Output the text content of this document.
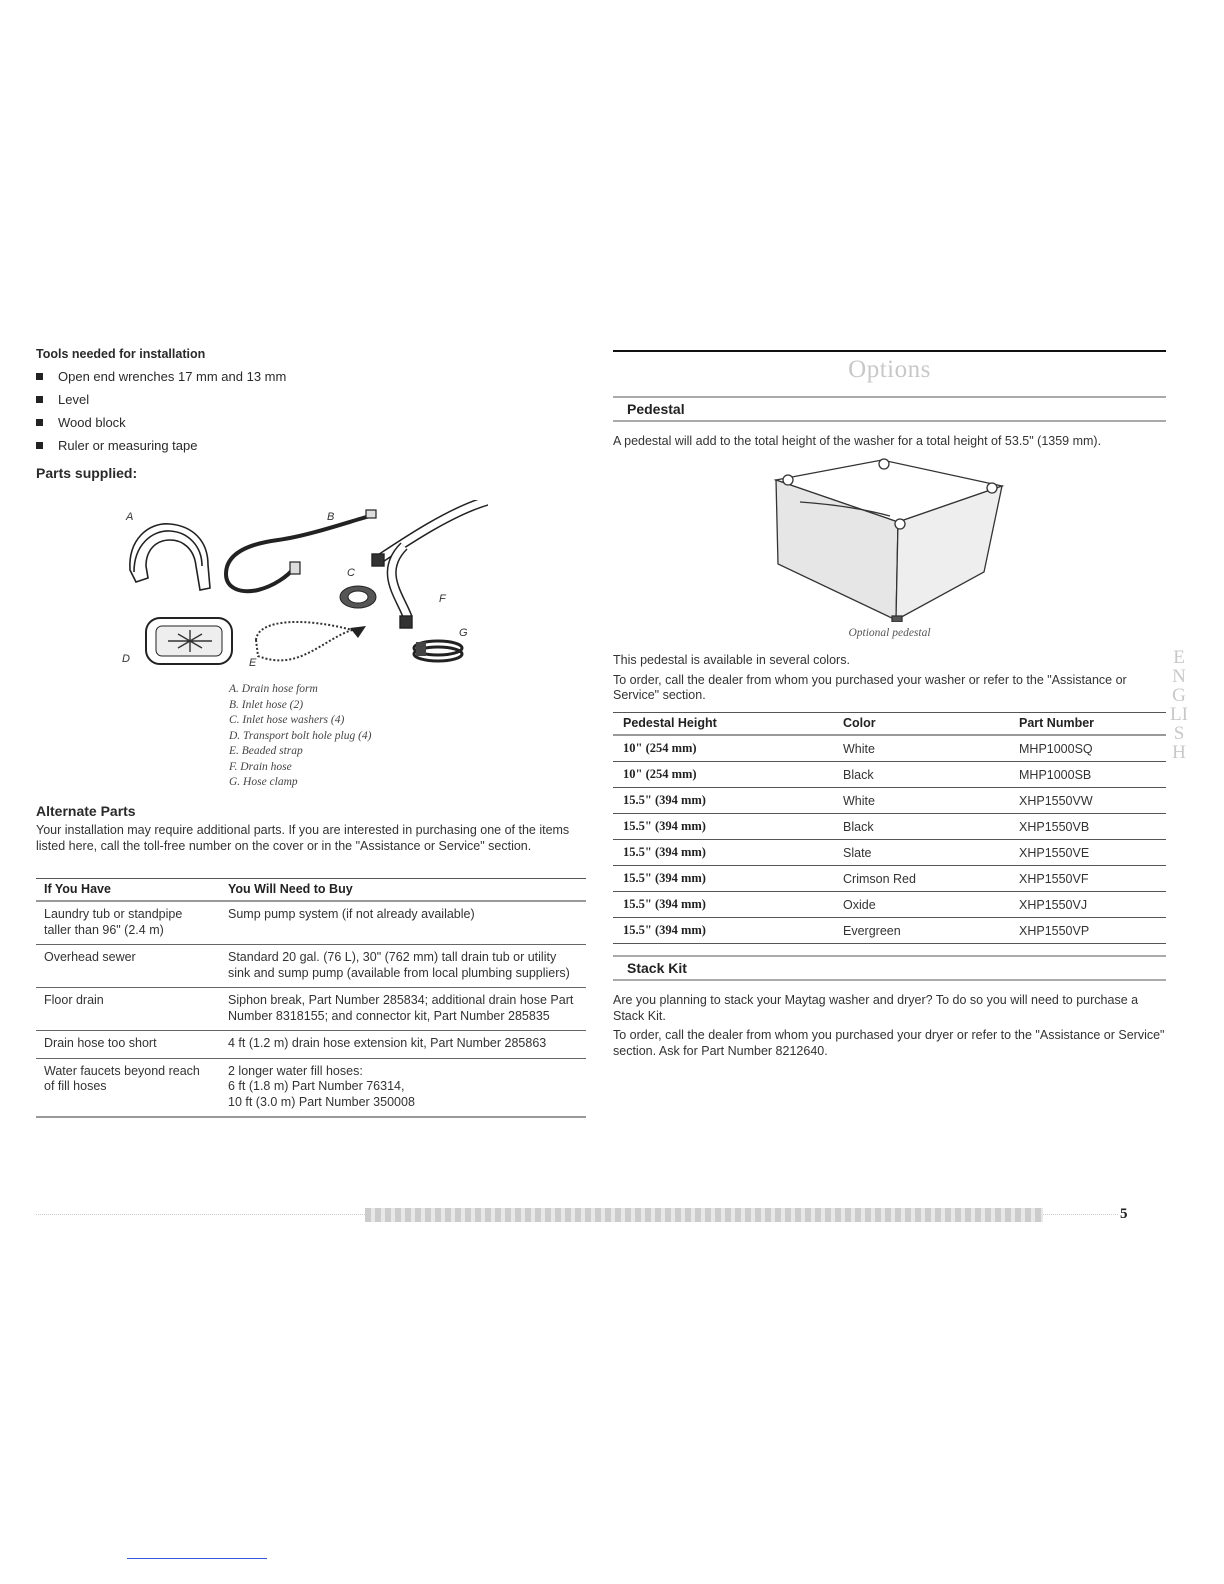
Tools needed for installation
Open end wrenches 17 mm and 13 mm
Level
Wood block
Ruler or measuring tape
Parts supplied:
A	B
C
D	E
F
G
A. Drain hose form
B. Inlet hose (2)
C. Inlet hose washers (4)
D. Transport bolt hole plug (4)
E. Beaded strap
F. Drain hose
G. Hose clamp
Alternate Parts
Your installation may require additional parts. If you are interested in purchasing one of the items listed here, call the toll-free number on the cover or in the "Assistance or Service" section.
If You Have	You Will Need to Buy
Laundry tub or standpipe taller than 96" (2.4 m)	Sump pump system (if not already available)
Overhead sewer	Standard 20 gal. (76 L), 30" (762 mm) tall drain tub or utility sink and sump pump (available from local plumbing suppliers)
Floor drain	Siphon break, Part Number 285834; additional drain hose Part Number 8318155; and connector kit, Part Number 285835
Drain hose too short	4 ft (1.2 m) drain hose extension kit, Part Number 285863
Water faucets beyond reach of fill hoses	2 longer water fill hoses:
6 ft (1.8 m) Part Number 76314,
10 ft (3.0 m) Part Number 350008
Options
Pedestal
A pedestal will add to the total height of the washer for a total height of 53.5" (1359 mm).
Optional pedestal
This pedestal is available in several colors.
To order, call the dealer from whom you purchased your washer or refer to the "Assistance or Service" section.
Pedestal Height	Color	Part Number
10" (254 mm)	White	MHP1000SQ
10" (254 mm)	Black	MHP1000SB
15.5" (394 mm)	White	XHP1550VW
15.5" (394 mm)	Black	XHP1550VB
15.5" (394 mm)	Slate	XHP1550VE
15.5" (394 mm)	Crimson Red	XHP1550VF
15.5" (394 mm)	Oxide	XHP1550VJ
15.5" (394 mm)	Evergreen	XHP1550VP
Stack Kit
Are you planning to stack your Maytag washer and dryer? To do so you will need to purchase a Stack Kit.
To order, call the dealer from whom you purchased your dryer or refer to the "Assistance or Service" section. Ask for Part Number 8212640.
ENGLISH
5
